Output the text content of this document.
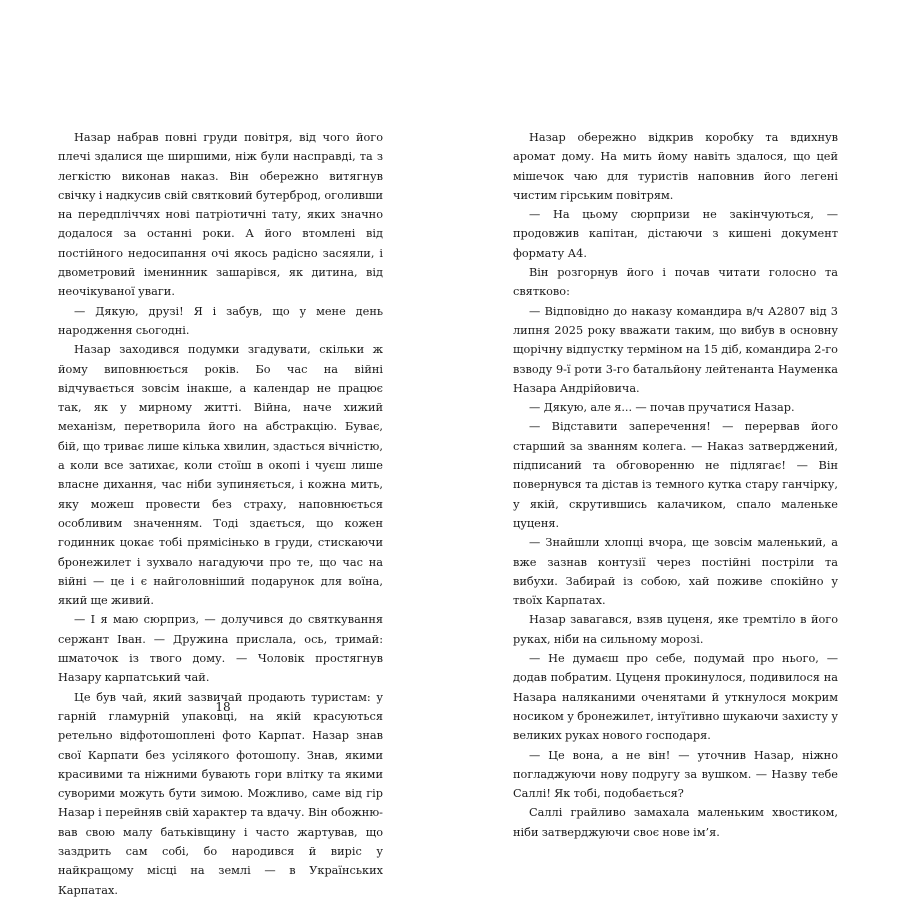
Назар набрав повні груди повітря, від чого його плечі здалися ще ширшими, ніж були насправді, та з легкістю виконав наказ. Він обережно витягнув свічку і надкусив свій святковий бутерброд, оголивши на передпліччях нові патріотичні тату, яких значно додалося за останні роки. А його втомлені від постійного недосипання очі якось радісно засяяли, і двометровий іменинник зашарівся, як дитина, від неочікуваної уваги.

— Дякую, друзі! Я і забув, що у мене день народження сьогодні.

Назар заходився подумки згадувати, скільки ж йому виповнюється років. Бо час на війні відчувається зовсім інакше, а календар не працює так, як у мирному житті. Війна, наче хижий механізм, перетворила його на абстракцію. Буває, бій, що триває лише кілька хвилин, здасться вічністю, а коли все затихає, коли стоїш в окопі і чуєш лише власне дихання, час ніби зупиняється, і кожна мить, яку можеш провести без страху, наповнюється особливим значенням. Тоді здається, що кожен годинник цокає тобі прямісінько в груди, стискаючи бронежилет і зухвало нагадуючи про те, що час на війні — це і є найголовніший подарунок для воїна, який ще живий.

— І я маю сюрприз, — долучився до святкування сержант Іван. — Дружина прислала, ось, тримай: шматочок із твого дому. — Чоловік простягнув Назару карпатський чай.

Це був чай, який зазвичай продають туристам: у гарній гламурній упаковці, на якій красуються ретельно відфотошоплені фото Карпат. Назар знав свої Карпати без усілякого фотошопу. Знав, якими красивими та ніжними бувають гори влітку та якими суворими можуть бути зимою. Можливо, саме від гір Назар і перейняв свій характер та вдачу. Він обожнював свою малу батьківщину і часто жартував, що заздрить сам собі, бо народився й виріс у найкращому місці на землі — в Українських Карпатах.

18

Назар обережно відкрив коробку та вдихнув аромат дому. На мить йому навіть здалося, що цей мішечок чаю для туристів наповнив його легені чистим гірським повітрям.

— На цьому сюрпризи не закінчуються, — продовжив капітан, дістаючи з кишені документ формату А4.

Він розгорнув його і почав читати голосно та святково:

— Відповідно до наказу командира в/ч А2807 від 3 липня 2025 року вважати таким, що вибув в основну щорічну відпустку терміном на 15 діб, командира 2-го взводу 9-ї роти 3-го батальйону лейтенанта Науменка Назара Андрійовича.

— Дякую, але я... — почав пручатися Назар.

— Відставити заперечення! — перервав його старший за званням колега. — Наказ затверджений, підписаний та обговоренню не підлягає! — Він повернувся та дістав із темного кутка стару ганчірку, у якій, скрутившись калачиком, спало маленьке цуценя.

— Знайшли хлопці вчора, ще зовсім маленький, а вже зазнав контузії через постійні постріли та вибухи. Забирай із собою, хай поживе спокійно у твоїх Карпатах.

Назар завагався, взяв цуценя, яке тремтіло в його руках, ніби на сильному морозі.

— Не думаєш про себе, подумай про нього, — додав побратим. Цуценя прокинулося, подивилося на Назара наляканими оченятами й уткнулося мокрим носиком у бронежилет, інтуїтивно шукаючи захисту у великих руках нового господаря.

— Це вона, а не він! — уточнив Назар, ніжно погладжуючи нову подругу за вушком. — Назву тебе Саллі! Як тобі, подобається?

Саллі грайливо замахала маленьким хвостиком, ніби затверджуючи своє нове ім’я.
